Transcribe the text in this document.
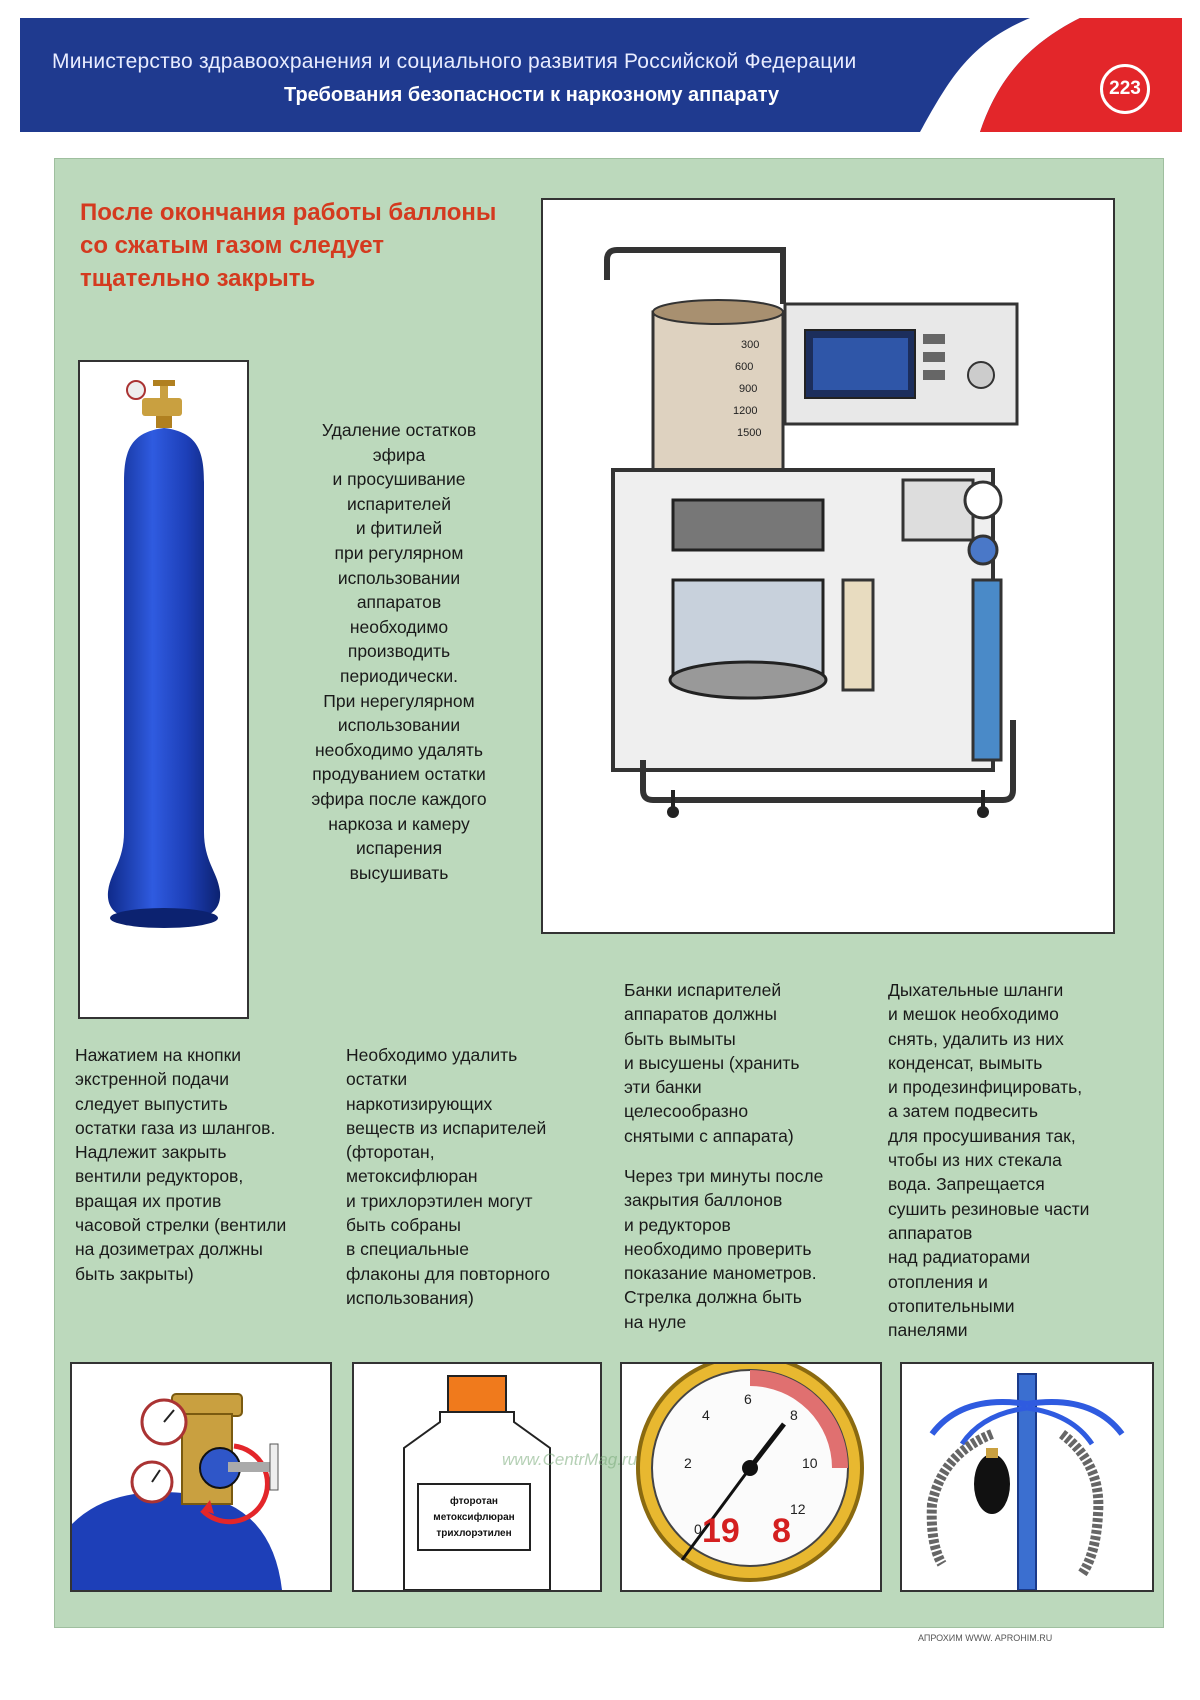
Министерство здравоохранения и социального развития Российской Федерации
Требования безопасности к наркозному аппарату	223
После окончания работы баллоны со сжатым газом следует тщательно закрыть
Удаление остатков
эфира
и просушивание
испарителей
и фитилей
при регулярном
использовании
аппаратов
необходимо
производить
периодически.
При нерегулярном
использовании
необходимо удалять
продуванием остатки
эфира после каждого
наркоза и камеру
испарения
высушивать
300
600
900
1200
1500
Нажатием на кнопки
экстренной подачи
следует выпустить
остатки газа из шлангов.
Надлежит закрыть
вентили редукторов,
вращая их против
часовой стрелки (вентили
на дозиметрах должны
быть закрыты)
Необходимо удалить
остатки
наркотизирующих
веществ из испарителей
(фторотан,
метоксифлюран
и трихлорэтилен могут
быть собраны
в специальные
флаконы для повторного
использования)
Банки испарителей
аппаратов должны
быть вымыты
и высушены (хранить
эти банки
целесообразно
снятыми с аппарата)
Через три минуты после
закрытия баллонов
и редукторов
необходимо проверить
показание манометров.
Стрелка должна быть
на нуле
Дыхательные шланги
и мешок необходимо
снять, удалить из них
конденсат, вымыть
и продезинфицировать,
а затем подвесить
для просушивания так,
чтобы из них стекала
вода. Запрещается
сушить резиновые части
аппаратов
над радиаторами
отопления и
отопительными
панелями
фторотан
метоксифлюран
трихлорэтилен	0
2
4
6
8
10
12
19 8
www.CentrMag.ru
АПРОХИМ WWW. APROHIM.RU
